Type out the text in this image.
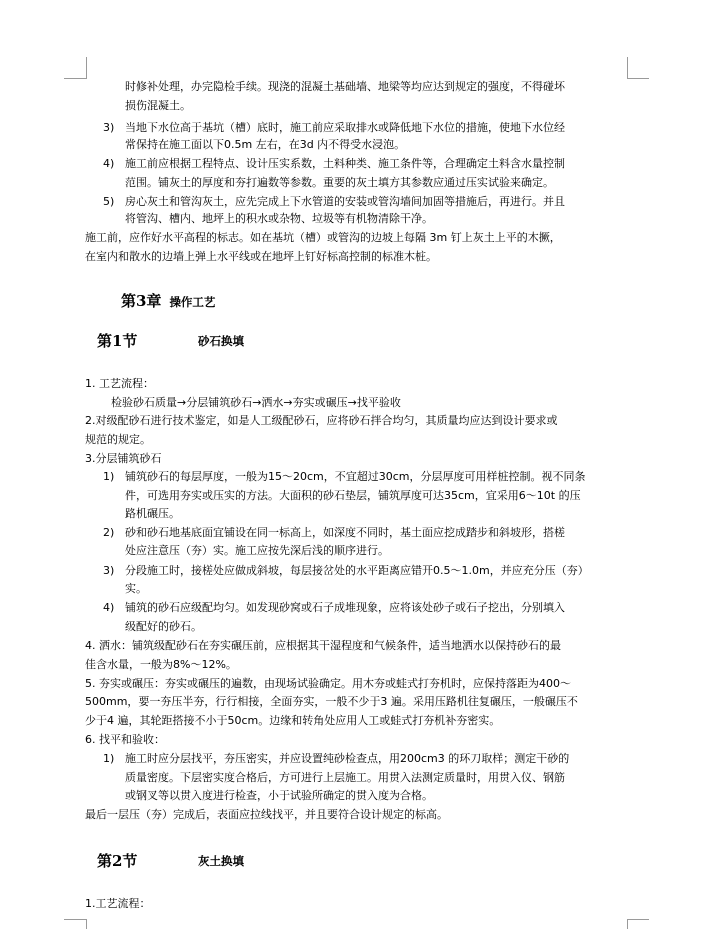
时修补处理，办完隐检手续。现浇的混凝土基础墙、地梁等均应达到规定的强度，不得碰坏
损伤混凝土。
3) 当地下水位高于基坑（槽）底时，施工前应采取排水或降低地下水位的措施，使地下水位经
常保持在施工面以下0.5m 左右，在3d 内不得受水浸泡。
4) 施工前应根据工程特点、设计压实系数，土料种类、施工条件等，合理确定土料含水量控制
范围。铺灰土的厚度和夯打遍数等参数。重要的灰土填方其参数应通过压实试验来确定。
5) 房心灰土和管沟灰土，应先完成上下水管道的安装或管沟墙间加固等措施后，再进行。并且
将管沟、槽内、地坪上的积水或杂物、垃圾等有机物清除干净。
施工前，应作好水平高程的标志。如在基坑（槽）或管沟的边坡上每隔 3m 钉上灰土上平的木撅，
在室内和散水的边墙上弹上水平线或在地坪上钉好标高控制的标准木桩。
第3章 操作工艺
第1节	砂石换填
1. 工艺流程：
检验砂石质量→分层铺筑砂石→洒水→夯实或碾压→找平验收
2.对级配砂石进行技术鉴定，如是人工级配砂石，应将砂石拌合均匀，其质量均应达到设计要求或
规范的规定。
3.分层铺筑砂石
1) 铺筑砂石的每层厚度，一般为15～20cm，不宜超过30cm，分层厚度可用样桩控制。视不同条
件，可选用夯实或压实的方法。大面积的砂石垫层，铺筑厚度可达35cm，宜采用6～10t 的压
路机碾压。
2) 砂和砂石地基底面宜铺设在同一标高上，如深度不同时，基土面应挖成踏步和斜坡形，搭槎
处应注意压（夯）实。施工应按先深后浅的顺序进行。
3) 分段施工时，接槎处应做成斜坡，每层接岔处的水平距离应错开0.5～1.0m，并应充分压（夯）
实。
4) 铺筑的砂石应级配均匀。如发现砂窝或石子成堆现象，应将该处砂子或石子挖出，分别填入
级配好的砂石。
4. 洒水：铺筑级配砂石在夯实碾压前，应根据其干湿程度和气候条件，适当地洒水以保持砂石的最
佳含水量，一般为8%～12%。
5. 夯实或碾压：夯实或碾压的遍数，由现场试验确定。用木夯或蛙式打夯机时，应保持落距为400～
500mm，要一夯压半夯，行行相接，全面夯实，一般不少于3 遍。采用压路机往复碾压，一般碾压不
少于4 遍，其轮距搭接不小于50cm。边缘和转角处应用人工或蛙式打夯机补夯密实。
6. 找平和验收：
1) 施工时应分层找平，夯压密实，并应设置纯砂检查点，用200cm3 的环刀取样；测定干砂的
质量密度。下层密实度合格后，方可进行上层施工。用贯入法测定质量时，用贯入仪、钢筋
或钢叉等以贯入度进行检查，小于试验所确定的贯入度为合格。
最后一层压（夯）完成后，表面应拉线找平，并且要符合设计规定的标高。
第2节	灰土换填
1.工艺流程：
